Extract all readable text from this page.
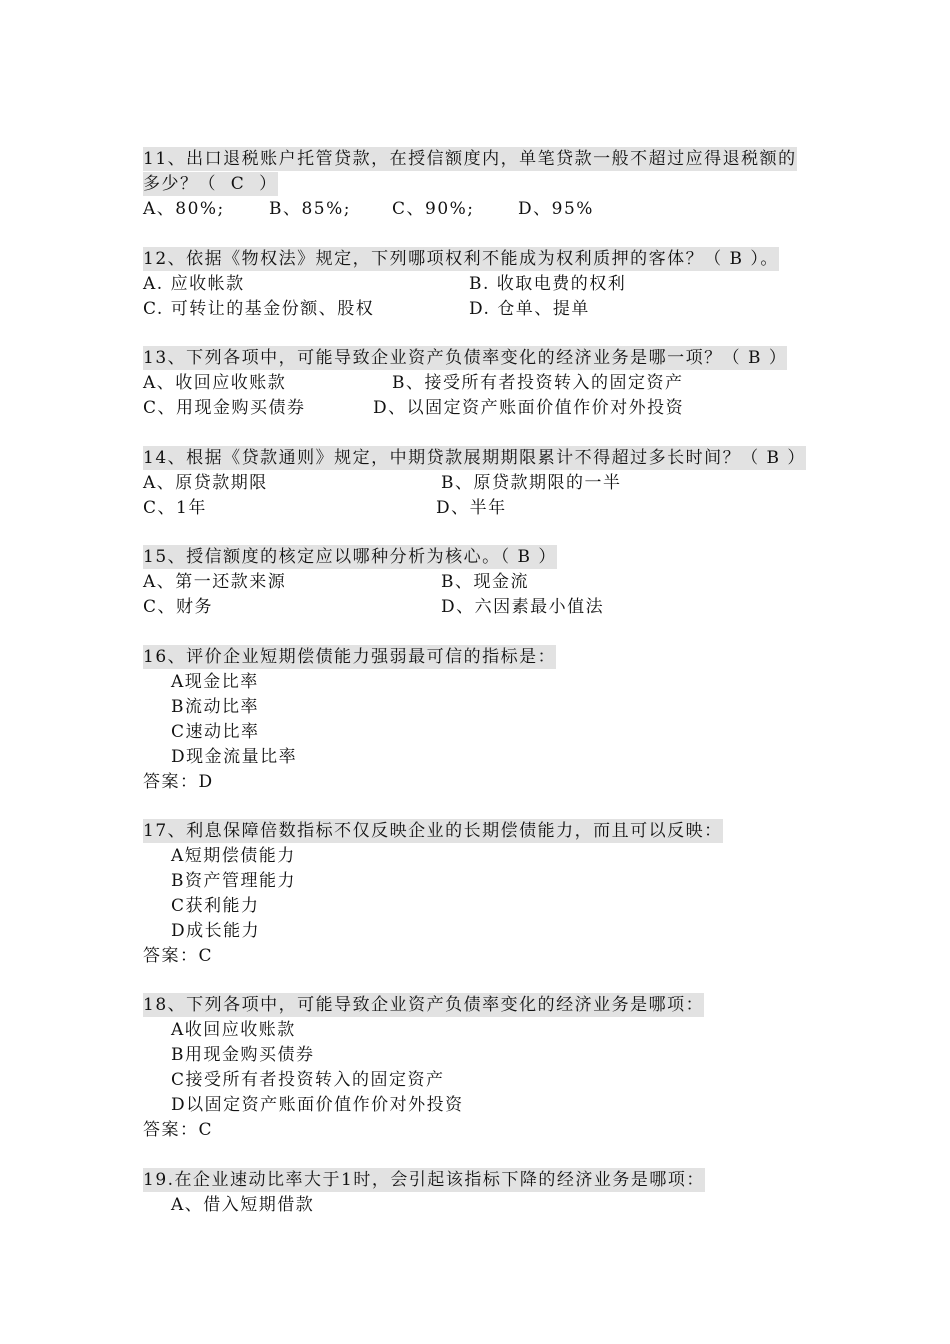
11、出口退税账户托管贷款，在授信额度内，单笔贷款一般不超过应得退税额的
多少？（  C  ）
A、80%;	B、85%; C、90%;	D、95%
12、依据《物权法》规定，下列哪项权利不能成为权利质押的客体？（ B ）。
A. 应收帐款	B. 收取电费的权利
C. 可转让的基金份额、股权	D. 仓单、提单
13、下列各项中，可能导致企业资产负债率变化的经济业务是哪一项？（ B ）
A、收回应收账款	B、接受所有者投资转入的固定资产
C、用现金购买债券	D、以固定资产账面价值作价对外投资
14、根据《贷款通则》规定，中期贷款展期期限累计不得超过多长时间？（ B ）
A、原贷款期限	B、原贷款期限的一半
C、1年	D、半年
15、授信额度的核定应以哪种分析为核心。（ B ）
A、第一还款来源	B、现金流
C、财务	D、六因素最小值法
16、评价企业短期偿债能力强弱最可信的指标是：
A现金比率
B流动比率
C速动比率
D现金流量比率
答案：D
17、利息保障倍数指标不仅反映企业的长期偿债能力，而且可以反映：
A短期偿债能力
B资产管理能力
C获利能力
D成长能力
答案：C
18、下列各项中，可能导致企业资产负债率变化的经济业务是哪项：
A收回应收账款
B用现金购买债券
C接受所有者投资转入的固定资产
D以固定资产账面价值作价对外投资
答案：C
19.在企业速动比率大于1时，会引起该指标下降的经济业务是哪项：
A、借入短期借款
